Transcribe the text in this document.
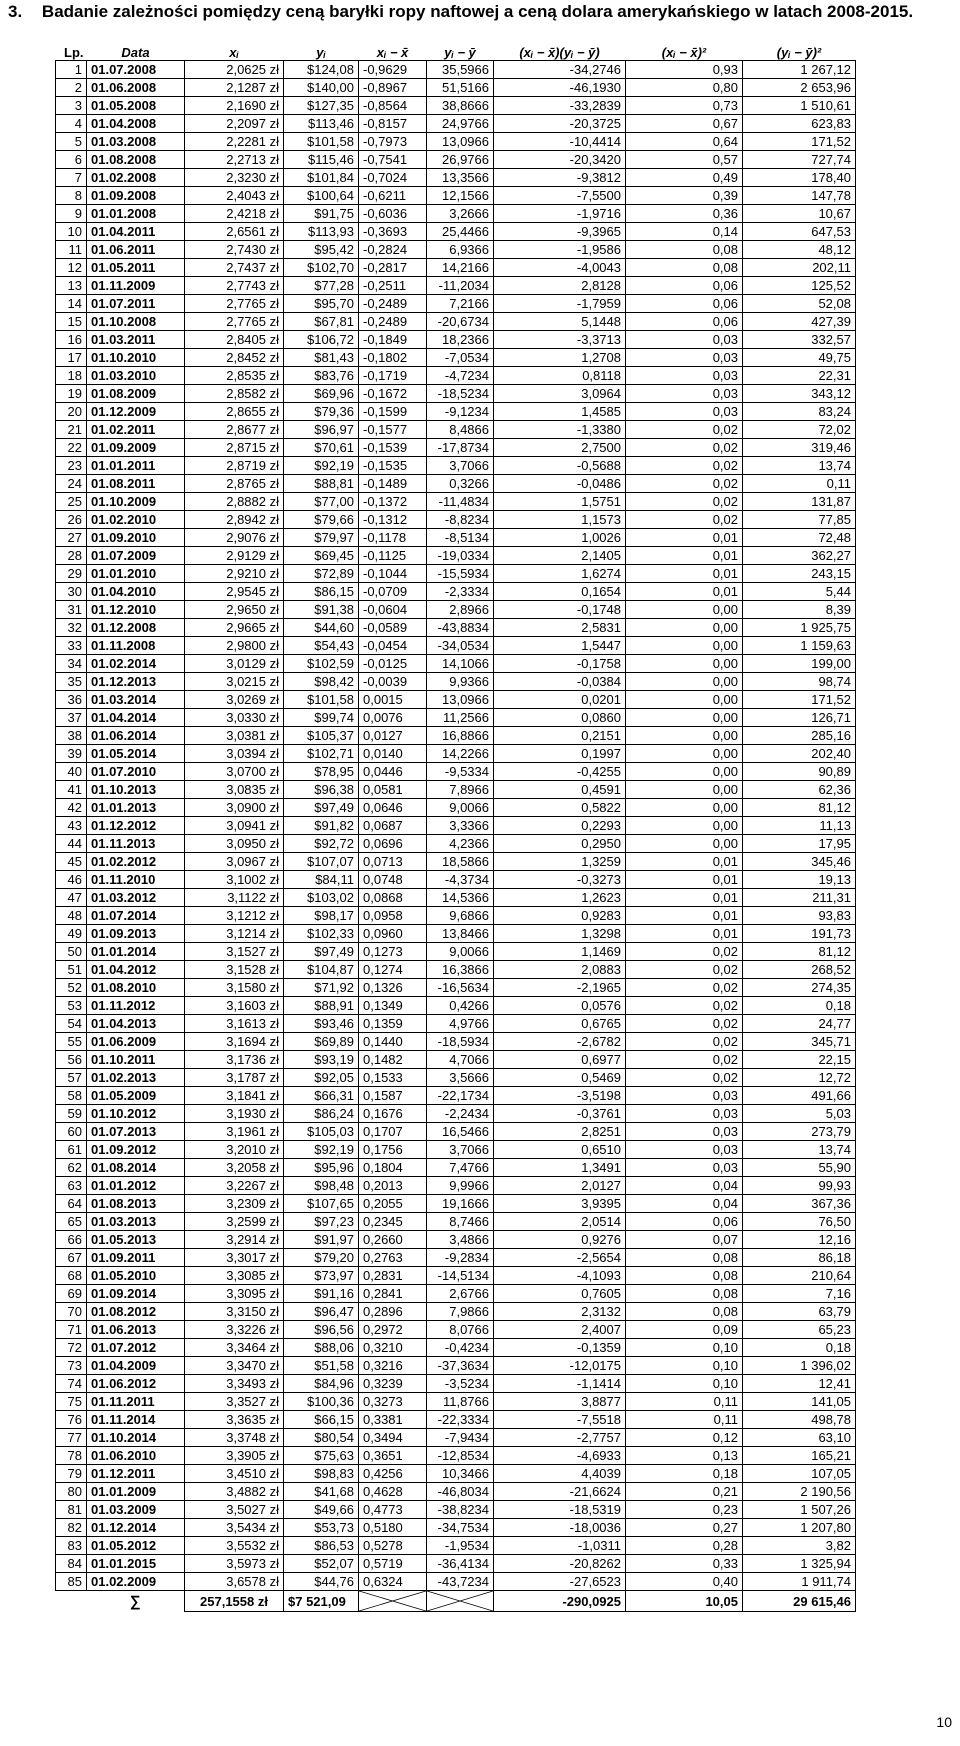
3. Badanie zależności pomiędzy ceną baryłki ropy naftowej a ceną dolara amerykańskiego w latach 2008-2015.
Lp.	Data	xᵢ	yᵢ	xᵢ − x̄	yᵢ − ȳ	(xᵢ − x̄)(yᵢ − ȳ)	(xᵢ − x̄)²	(yᵢ − ȳ)²
1	01.07.2008	2,0625 zł	$124,08	-0,9629	35,5966	-34,2746	0,93	1 267,12
2	01.06.2008	2,1287 zł	$140,00	-0,8967	51,5166	-46,1930	0,80	2 653,96
3	01.05.2008	2,1690 zł	$127,35	-0,8564	38,8666	-33,2839	0,73	1 510,61
4	01.04.2008	2,2097 zł	$113,46	-0,8157	24,9766	-20,3725	0,67	623,83
5	01.03.2008	2,2281 zł	$101,58	-0,7973	13,0966	-10,4414	0,64	171,52
6	01.08.2008	2,2713 zł	$115,46	-0,7541	26,9766	-20,3420	0,57	727,74
7	01.02.2008	2,3230 zł	$101,84	-0,7024	13,3566	-9,3812	0,49	178,40
8	01.09.2008	2,4043 zł	$100,64	-0,6211	12,1566	-7,5500	0,39	147,78
9	01.01.2008	2,4218 zł	$91,75	-0,6036	3,2666	-1,9716	0,36	10,67
10	01.04.2011	2,6561 zł	$113,93	-0,3693	25,4466	-9,3965	0,14	647,53
11	01.06.2011	2,7430 zł	$95,42	-0,2824	6,9366	-1,9586	0,08	48,12
12	01.05.2011	2,7437 zł	$102,70	-0,2817	14,2166	-4,0043	0,08	202,11
13	01.11.2009	2,7743 zł	$77,28	-0,2511	-11,2034	2,8128	0,06	125,52
14	01.07.2011	2,7765 zł	$95,70	-0,2489	7,2166	-1,7959	0,06	52,08
15	01.10.2008	2,7765 zł	$67,81	-0,2489	-20,6734	5,1448	0,06	427,39
16	01.03.2011	2,8405 zł	$106,72	-0,1849	18,2366	-3,3713	0,03	332,57
17	01.10.2010	2,8452 zł	$81,43	-0,1802	-7,0534	1,2708	0,03	49,75
18	01.03.2010	2,8535 zł	$83,76	-0,1719	-4,7234	0,8118	0,03	22,31
19	01.08.2009	2,8582 zł	$69,96	-0,1672	-18,5234	3,0964	0,03	343,12
20	01.12.2009	2,8655 zł	$79,36	-0,1599	-9,1234	1,4585	0,03	83,24
21	01.02.2011	2,8677 zł	$96,97	-0,1577	8,4866	-1,3380	0,02	72,02
22	01.09.2009	2,8715 zł	$70,61	-0,1539	-17,8734	2,7500	0,02	319,46
23	01.01.2011	2,8719 zł	$92,19	-0,1535	3,7066	-0,5688	0,02	13,74
24	01.08.2011	2,8765 zł	$88,81	-0,1489	0,3266	-0,0486	0,02	0,11
25	01.10.2009	2,8882 zł	$77,00	-0,1372	-11,4834	1,5751	0,02	131,87
26	01.02.2010	2,8942 zł	$79,66	-0,1312	-8,8234	1,1573	0,02	77,85
27	01.09.2010	2,9076 zł	$79,97	-0,1178	-8,5134	1,0026	0,01	72,48
28	01.07.2009	2,9129 zł	$69,45	-0,1125	-19,0334	2,1405	0,01	362,27
29	01.01.2010	2,9210 zł	$72,89	-0,1044	-15,5934	1,6274	0,01	243,15
30	01.04.2010	2,9545 zł	$86,15	-0,0709	-2,3334	0,1654	0,01	5,44
31	01.12.2010	2,9650 zł	$91,38	-0,0604	2,8966	-0,1748	0,00	8,39
32	01.12.2008	2,9665 zł	$44,60	-0,0589	-43,8834	2,5831	0,00	1 925,75
33	01.11.2008	2,9800 zł	$54,43	-0,0454	-34,0534	1,5447	0,00	1 159,63
34	01.02.2014	3,0129 zł	$102,59	-0,0125	14,1066	-0,1758	0,00	199,00
35	01.12.2013	3,0215 zł	$98,42	-0,0039	9,9366	-0,0384	0,00	98,74
36	01.03.2014	3,0269 zł	$101,58	0,0015	13,0966	0,0201	0,00	171,52
37	01.04.2014	3,0330 zł	$99,74	0,0076	11,2566	0,0860	0,00	126,71
38	01.06.2014	3,0381 zł	$105,37	0,0127	16,8866	0,2151	0,00	285,16
39	01.05.2014	3,0394 zł	$102,71	0,0140	14,2266	0,1997	0,00	202,40
40	01.07.2010	3,0700 zł	$78,95	0,0446	-9,5334	-0,4255	0,00	90,89
41	01.10.2013	3,0835 zł	$96,38	0,0581	7,8966	0,4591	0,00	62,36
42	01.01.2013	3,0900 zł	$97,49	0,0646	9,0066	0,5822	0,00	81,12
43	01.12.2012	3,0941 zł	$91,82	0,0687	3,3366	0,2293	0,00	11,13
44	01.11.2013	3,0950 zł	$92,72	0,0696	4,2366	0,2950	0,00	17,95
45	01.02.2012	3,0967 zł	$107,07	0,0713	18,5866	1,3259	0,01	345,46
46	01.11.2010	3,1002 zł	$84,11	0,0748	-4,3734	-0,3273	0,01	19,13
47	01.03.2012	3,1122 zł	$103,02	0,0868	14,5366	1,2623	0,01	211,31
48	01.07.2014	3,1212 zł	$98,17	0,0958	9,6866	0,9283	0,01	93,83
49	01.09.2013	3,1214 zł	$102,33	0,0960	13,8466	1,3298	0,01	191,73
50	01.01.2014	3,1527 zł	$97,49	0,1273	9,0066	1,1469	0,02	81,12
51	01.04.2012	3,1528 zł	$104,87	0,1274	16,3866	2,0883	0,02	268,52
52	01.08.2010	3,1580 zł	$71,92	0,1326	-16,5634	-2,1965	0,02	274,35
53	01.11.2012	3,1603 zł	$88,91	0,1349	0,4266	0,0576	0,02	0,18
54	01.04.2013	3,1613 zł	$93,46	0,1359	4,9766	0,6765	0,02	24,77
55	01.06.2009	3,1694 zł	$69,89	0,1440	-18,5934	-2,6782	0,02	345,71
56	01.10.2011	3,1736 zł	$93,19	0,1482	4,7066	0,6977	0,02	22,15
57	01.02.2013	3,1787 zł	$92,05	0,1533	3,5666	0,5469	0,02	12,72
58	01.05.2009	3,1841 zł	$66,31	0,1587	-22,1734	-3,5198	0,03	491,66
59	01.10.2012	3,1930 zł	$86,24	0,1676	-2,2434	-0,3761	0,03	5,03
60	01.07.2013	3,1961 zł	$105,03	0,1707	16,5466	2,8251	0,03	273,79
61	01.09.2012	3,2010 zł	$92,19	0,1756	3,7066	0,6510	0,03	13,74
62	01.08.2014	3,2058 zł	$95,96	0,1804	7,4766	1,3491	0,03	55,90
63	01.01.2012	3,2267 zł	$98,48	0,2013	9,9966	2,0127	0,04	99,93
64	01.08.2013	3,2309 zł	$107,65	0,2055	19,1666	3,9395	0,04	367,36
65	01.03.2013	3,2599 zł	$97,23	0,2345	8,7466	2,0514	0,06	76,50
66	01.05.2013	3,2914 zł	$91,97	0,2660	3,4866	0,9276	0,07	12,16
67	01.09.2011	3,3017 zł	$79,20	0,2763	-9,2834	-2,5654	0,08	86,18
68	01.05.2010	3,3085 zł	$73,97	0,2831	-14,5134	-4,1093	0,08	210,64
69	01.09.2014	3,3095 zł	$91,16	0,2841	2,6766	0,7605	0,08	7,16
70	01.08.2012	3,3150 zł	$96,47	0,2896	7,9866	2,3132	0,08	63,79
71	01.06.2013	3,3226 zł	$96,56	0,2972	8,0766	2,4007	0,09	65,23
72	01.07.2012	3,3464 zł	$88,06	0,3210	-0,4234	-0,1359	0,10	0,18
73	01.04.2009	3,3470 zł	$51,58	0,3216	-37,3634	-12,0175	0,10	1 396,02
74	01.06.2012	3,3493 zł	$84,96	0,3239	-3,5234	-1,1414	0,10	12,41
75	01.11.2011	3,3527 zł	$100,36	0,3273	11,8766	3,8877	0,11	141,05
76	01.11.2014	3,3635 zł	$66,15	0,3381	-22,3334	-7,5518	0,11	498,78
77	01.10.2014	3,3748 zł	$80,54	0,3494	-7,9434	-2,7757	0,12	63,10
78	01.06.2010	3,3905 zł	$75,63	0,3651	-12,8534	-4,6933	0,13	165,21
79	01.12.2011	3,4510 zł	$98,83	0,4256	10,3466	4,4039	0,18	107,05
80	01.01.2009	3,4882 zł	$41,68	0,4628	-46,8034	-21,6624	0,21	2 190,56
81	01.03.2009	3,5027 zł	$49,66	0,4773	-38,8234	-18,5319	0,23	1 507,26
82	01.12.2014	3,5434 zł	$53,73	0,5180	-34,7534	-18,0036	0,27	1 207,80
83	01.05.2012	3,5532 zł	$86,53	0,5278	-1,9534	-1,0311	0,28	3,82
84	01.01.2015	3,5973 zł	$52,07	0,5719	-36,4134	-20,8262	0,33	1 325,94
85	01.02.2009	3,6578 zł	$44,76	0,6324	-43,7234	-27,6523	0,40	1 911,74
	∑	257,1558 zł	$7 521,09			-290,0925	10,05	29 615,46
10
